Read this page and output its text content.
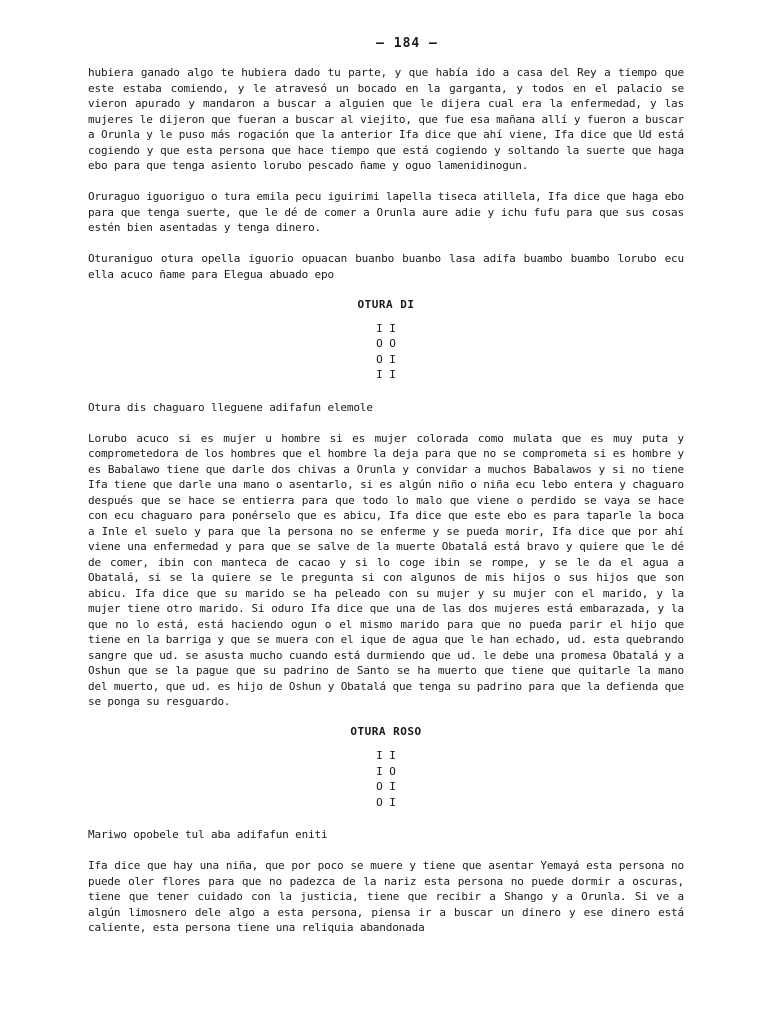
– 184 –

hubiera ganado algo te hubiera dado tu parte, y que había ido a casa del Rey a tiempo que este estaba comiendo, y le atravesó un bocado en la garganta, y todos en el palacio se vieron apurado y mandaron a buscar a alguien que le dijera cual era la enfermedad, y las mujeres le dijeron que fueran a buscar al viejito, que fue esa mañana allí y fueron a buscar a Orunla y le puso más rogación que la anterior Ifa dice que ahí viene, Ifa dice que Ud está cogiendo y que esta persona que hace tiempo que está cogiendo y soltando la suerte que haga ebo para que tenga asiento lorubo pescado ñame y oguo lamenidinogun.

Oruraguo iguoriguo o tura emila pecu iguirimi lapella tiseca atillela, Ifa dice que haga ebo para que tenga suerte, que le dé de comer a Orunla aure adie y ichu fufu para que sus cosas estén bien asentadas y tenga dinero.

Oturaniguo otura opella iguorio opuacan buanbo buanbo lasa adifa buambo buambo lorubo ecu ella acuco ñame para Elegua abuado epo

OTURA DI
I I
O O
O I
I I

Otura dis chaguaro lleguene adifafun elemole

Lorubo acuco si es mujer u hombre si es mujer colorada como mulata que es muy puta y comprometedora de los hombres que el hombre la deja para que no se comprometa si es hombre y es Babalawo tiene que darle dos chivas a Orunla y convidar a muchos Babalawos y si no tiene Ifa tiene que darle una mano o asentarlo, si es algún niño o niña ecu lebo entera y chaguaro después que se hace se entierra para que todo lo malo que viene o perdido se vaya se hace con ecu chaguaro para ponérselo que es abicu, Ifa dice que este ebo es para taparle la boca a Inle el suelo y para que la persona no se enferme y se pueda morir, Ifa dice que por ahí viene una enfermedad y para que se salve de la muerte Obatalá está bravo y quiere que le dé de comer, ibin con manteca de cacao y si lo coge ibin se rompe, y se le da el agua a Obatalá, si se la quiere se le pregunta si con algunos de mis hijos o sus hijos que son abicu. Ifa dice que su marido se ha peleado con su mujer y su mujer con el marido, y la mujer tiene otro marido. Si oduro Ifa dice que una de las dos mujeres está embarazada, y la que no lo está, está haciendo ogun o el mismo marido para que no pueda parir el hijo que tiene en la barriga y que se muera con el ique de agua que le han echado, ud. esta quebrando sangre que ud. se asusta mucho cuando está durmiendo que ud. le debe una promesa Obatalá y a Oshun que se la pague que su padrino de Santo se ha muerto que tiene que quitarle la mano del muerto, que ud. es hijo de Oshun y Obatalá que tenga su padrino para que la defienda que se ponga su resguardo.

OTURA ROSO
I I
I O
O I
O I

Mariwo opobele tul aba adifafun eniti

Ifa dice que hay una niña, que por poco se muere y tiene que asentar Yemayá esta persona no puede oler flores para que no padezca de la nariz esta persona no puede dormir a oscuras, tiene que tener cuidado con la justicia, tiene que recibir a Shango y a Orunla. Si ve a algún limosnero dele algo a esta persona, piensa ir a buscar un dinero y ese dinero está caliente, esta persona tiene una reliquia abandonada
